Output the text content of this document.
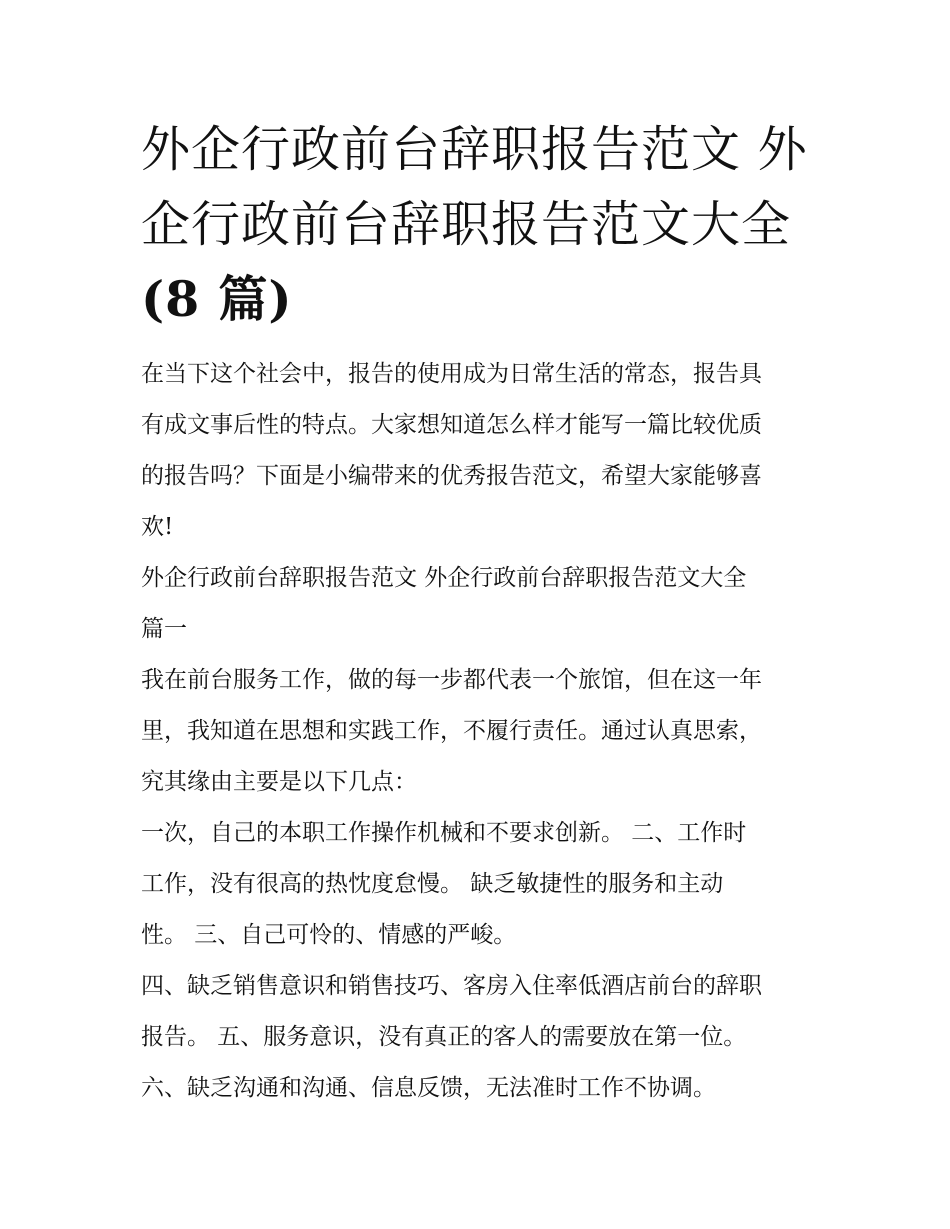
外企行政前台辞职报告范文 外
企行政前台辞职报告范文大全
(8 篇)

在当下这个社会中，报告的使用成为日常生活的常态，报告具
有成文事后性的特点。大家想知道怎么样才能写一篇比较优质
的报告吗？下面是小编带来的优秀报告范文，希望大家能够喜
欢!

外企行政前台辞职报告范文 外企行政前台辞职报告范文大全
篇一

我在前台服务工作，做的每一步都代表一个旅馆，但在这一年
里，我知道在思想和实践工作，不履行责任。通过认真思索，
究其缘由主要是以下几点：

一次，自己的本职工作操作机械和不要求创新。 二、工作时
工作，没有很高的热忱度怠慢。 缺乏敏捷性的服务和主动
性。 三、自己可怜的、情感的严峻。

四、缺乏销售意识和销售技巧、客房入住率低酒店前台的辞职
报告。 五、服务意识，没有真正的客人的需要放在第一位。

六、缺乏沟通和沟通、信息反馈，无法准时工作不协调。
